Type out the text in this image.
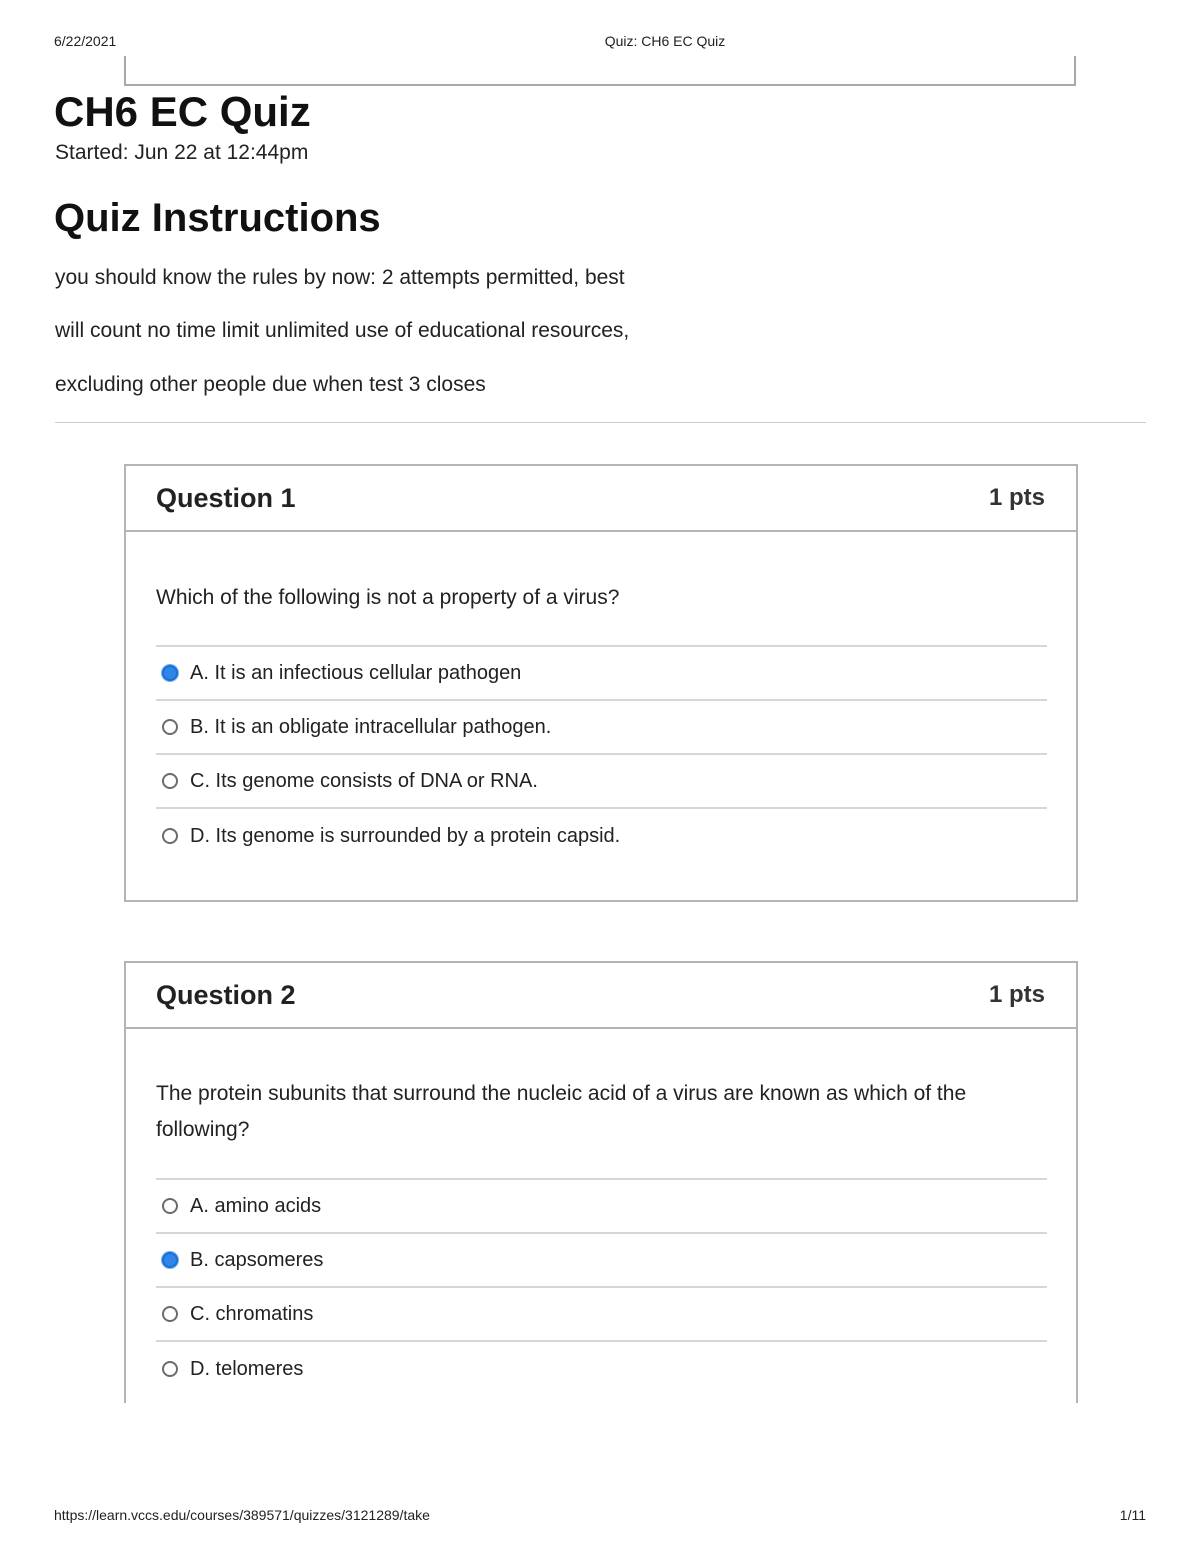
6/22/2021	Quiz: CH6 EC Quiz
CH6 EC Quiz
Started: Jun 22 at 12:44pm
Quiz Instructions
you should know the rules by now: 2 attempts permitted, best
will count no time limit unlimited use of educational resources,
excluding other people due when test 3 closes
Question 1	1 pts
Which of the following is not a property of a virus?
A. It is an infectious cellular pathogen
B. It is an obligate intracellular pathogen.
C. Its genome consists of DNA or RNA.
D. Its genome is surrounded by a protein capsid.
Question 2	1 pts
The protein subunits that surround the nucleic acid of a virus are known as which of the following?
A. amino acids
B. capsomeres
C. chromatins
D. telomeres
https://learn.vccs.edu/courses/389571/quizzes/3121289/take	1/11
